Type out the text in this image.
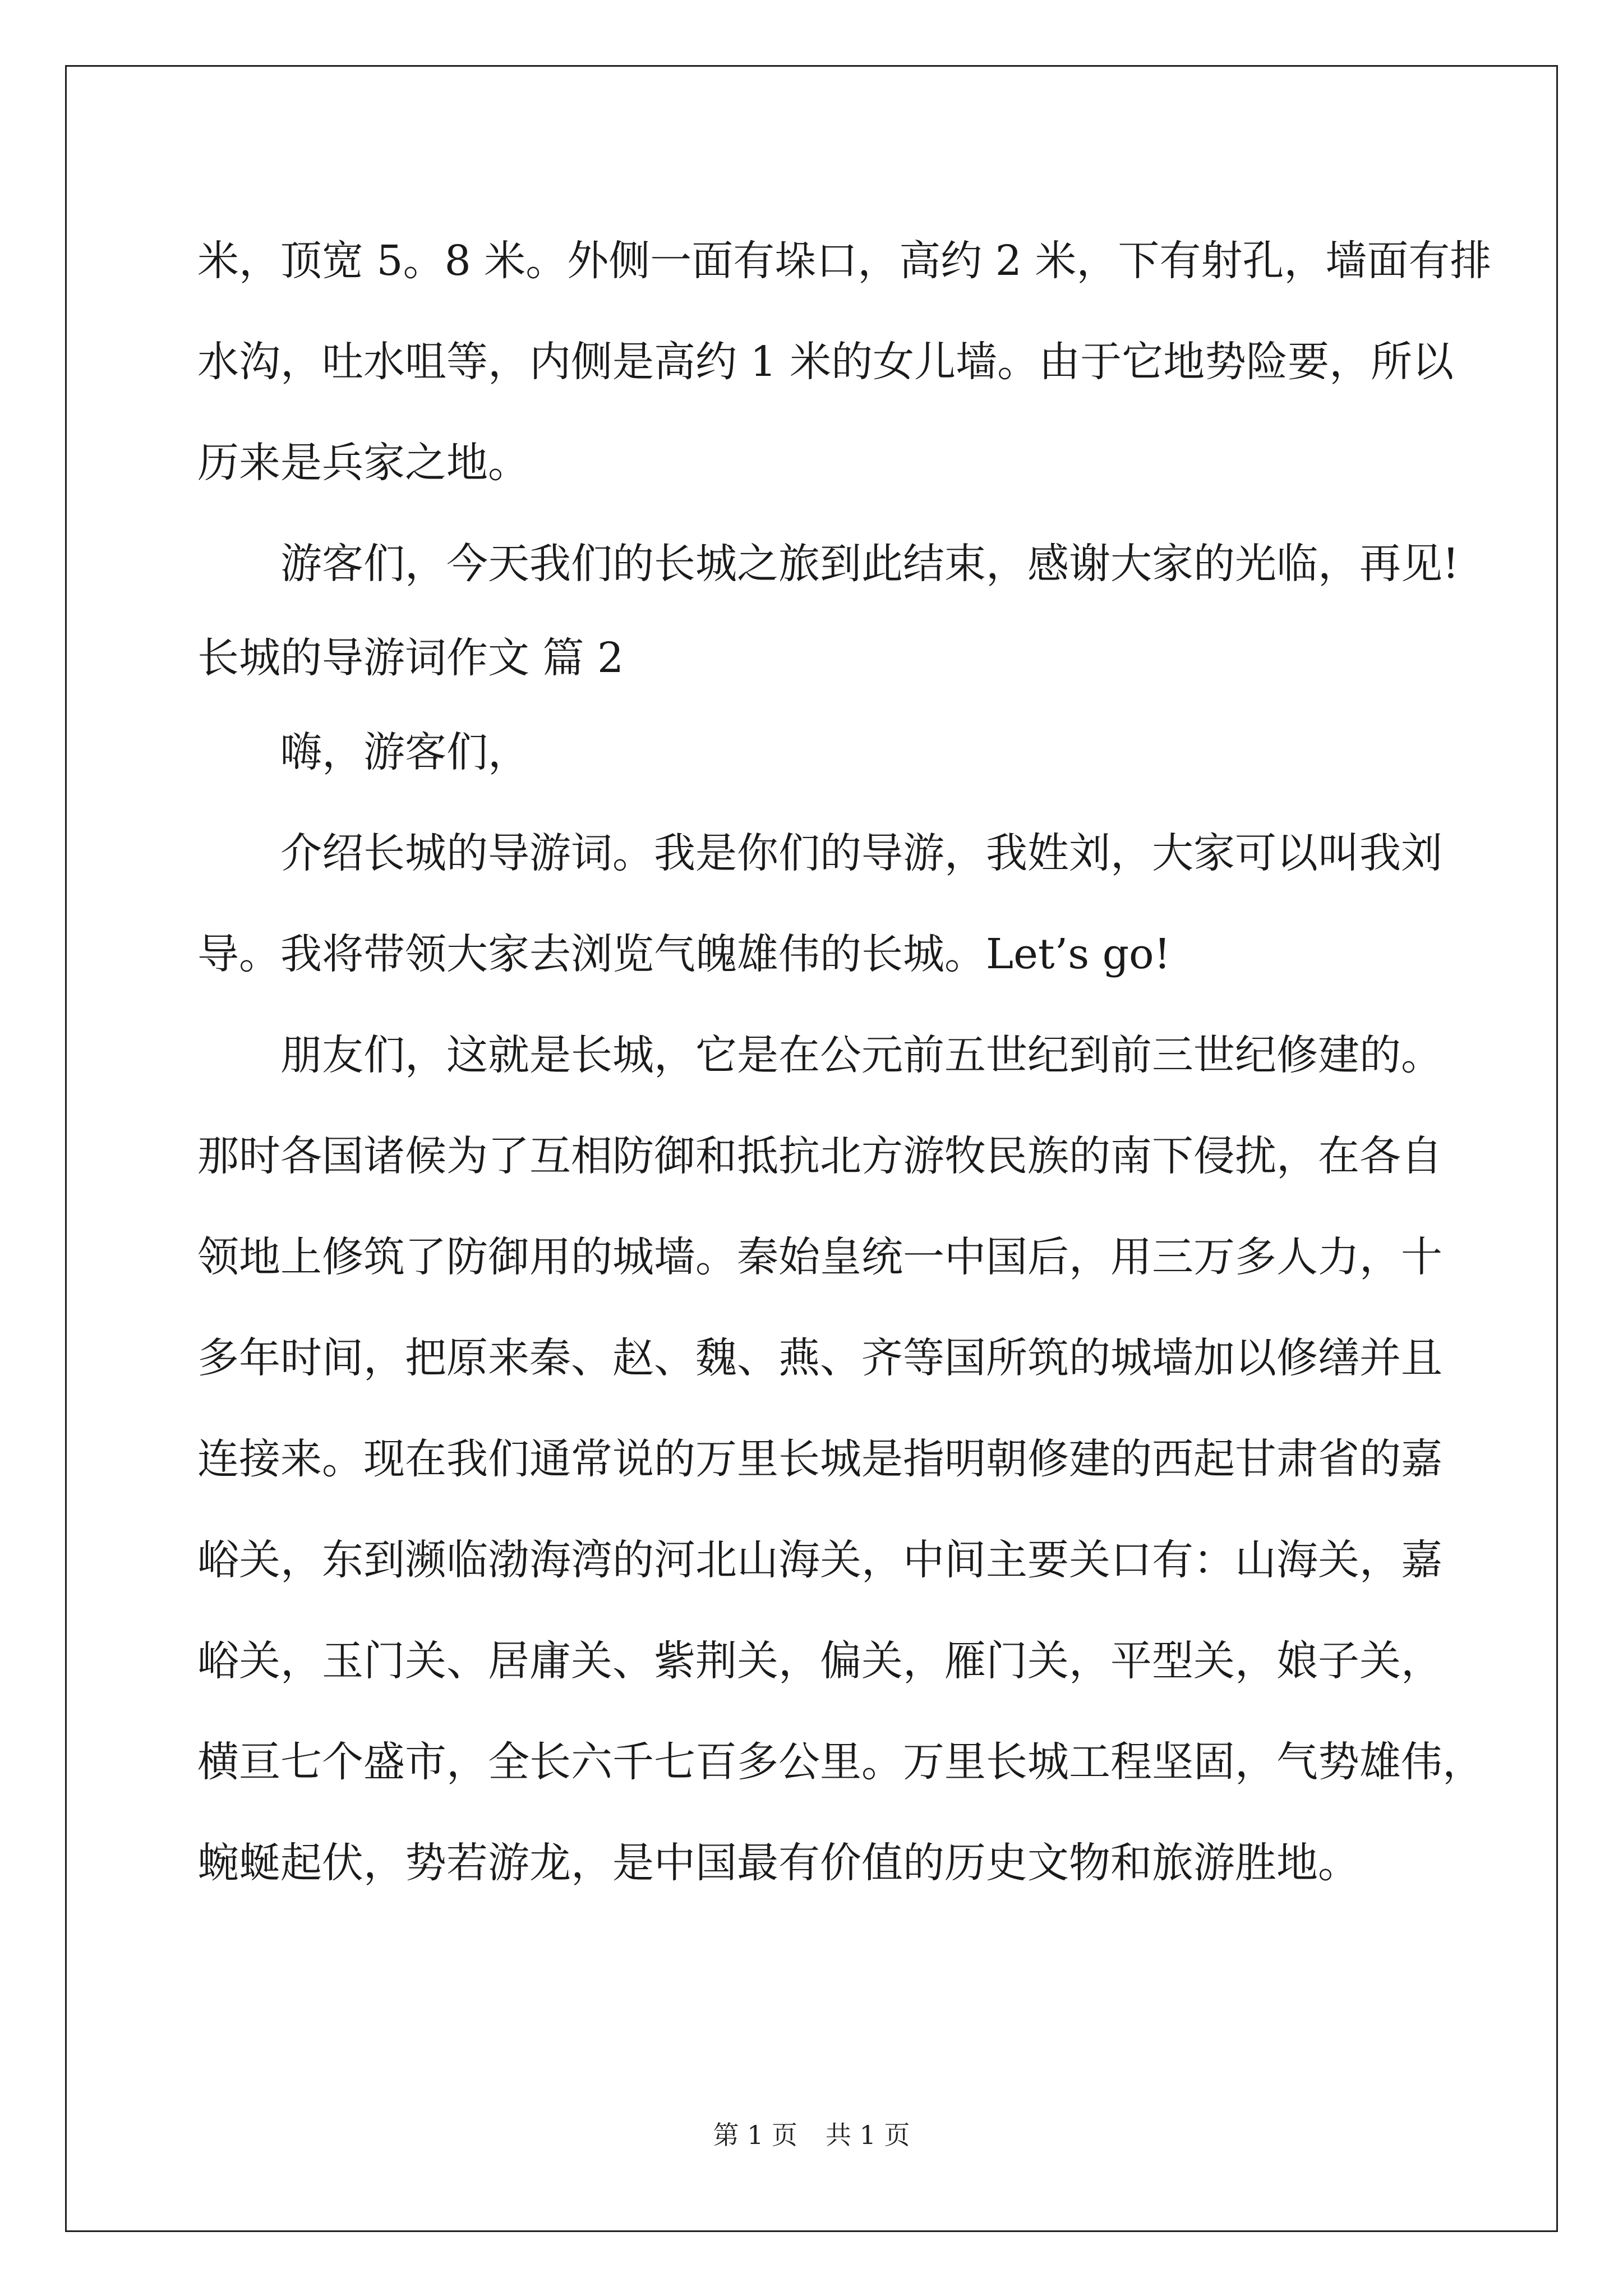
米，顶宽 5。8 米。外侧一面有垛口，高约 2 米，下有射孔，墙面有排
水沟，吐水咀等，内侧是高约 1 米的女儿墙。由于它地势险要，所以
历来是兵家之地。
游客们，今天我们的长城之旅到此结束，感谢大家的光临，再见!
长城的导游词作文 篇 2
嗨，游客们，
介绍长城的导游词。我是你们的导游，我姓刘，大家可以叫我刘
导。我将带领大家去浏览气魄雄伟的长城。Let’s go!
朋友们，这就是长城，它是在公元前五世纪到前三世纪修建的。
那时各国诸候为了互相防御和抵抗北方游牧民族的南下侵扰，在各自
领地上修筑了防御用的城墙。秦始皇统一中国后，用三万多人力，十
多年时间，把原来秦、赵、魏、燕、齐等国所筑的城墙加以修缮并且
连接来。现在我们通常说的万里长城是指明朝修建的西起甘肃省的嘉
峪关，东到濒临渤海湾的河北山海关，中间主要关口有：山海关，嘉
峪关，玉门关、居庸关、紫荆关，偏关，雁门关，平型关，娘子关，
横亘七个盛市，全长六千七百多公里。万里长城工程坚固，气势雄伟，
蜿蜒起伏，势若游龙，是中国最有价值的历史文物和旅游胜地。
第 1 页 共 1 页
